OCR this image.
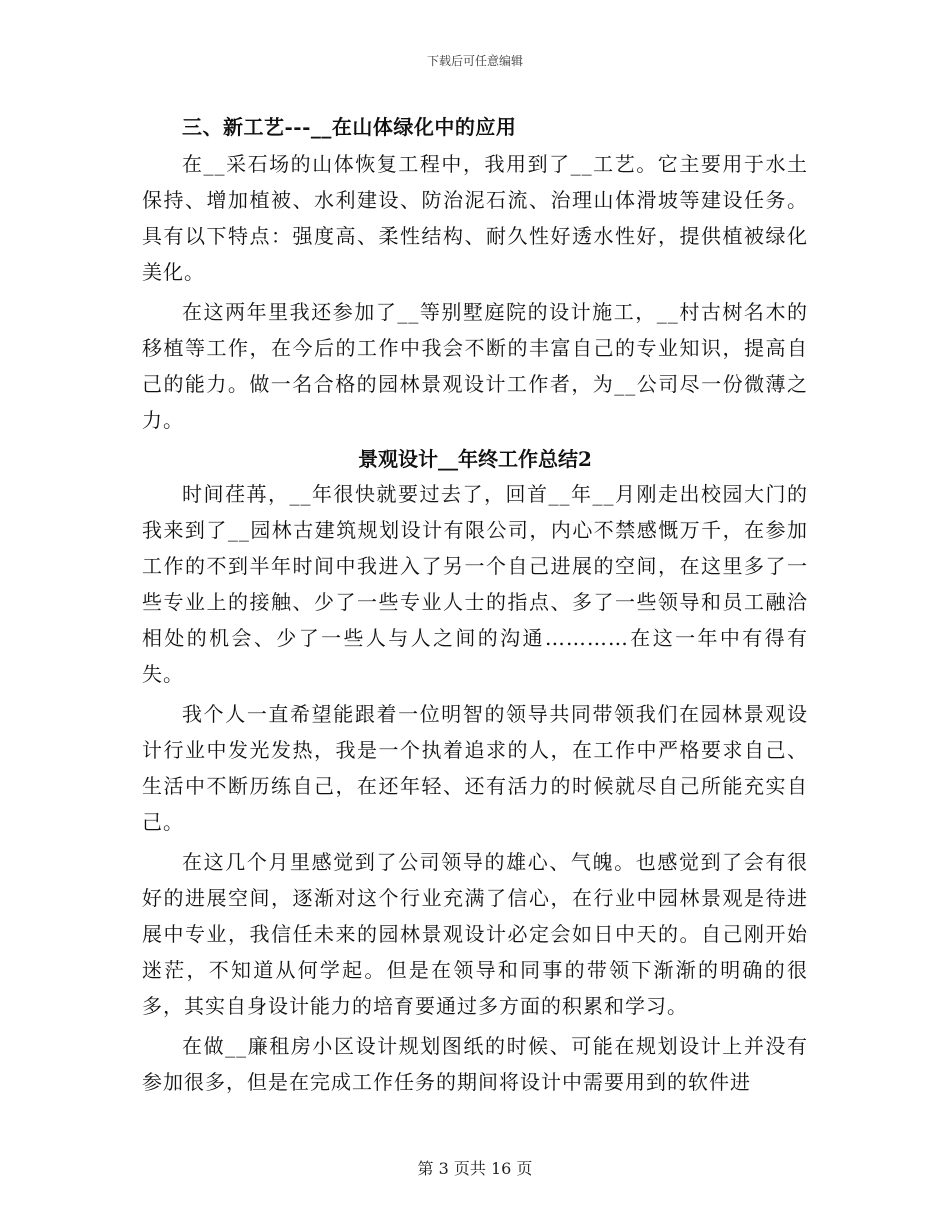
下载后可任意编辑
三、新工艺---__在山体绿化中的应用

在__采石场的山体恢复工程中，我用到了__工艺。它主要用于水土保持、增加植被、水利建设、防治泥石流、治理山体滑坡等建设任务。具有以下特点：强度高、柔性结构、耐久性好透水性好，提供植被绿化美化。

在这两年里我还参加了__等别墅庭院的设计施工，__村古树名木的移植等工作，在今后的工作中我会不断的丰富自己的专业知识，提高自己的能力。做一名合格的园林景观设计工作者，为__公司尽一份微薄之力。

景观设计__年终工作总结2

时间荏苒，__年很快就要过去了，回首__年__月刚走出校园大门的我来到了__园林古建筑规划设计有限公司，内心不禁感慨万千，在参加工作的不到半年时间中我进入了另一个自己进展的空间，在这里多了一些专业上的接触、少了一些专业人士的指点、多了一些领导和员工融洽相处的机会、少了一些人与人之间的沟通…………在这一年中有得有失。

我个人一直希望能跟着一位明智的领导共同带领我们在园林景观设计行业中发光发热，我是一个执着追求的人，在工作中严格要求自己、生活中不断历练自己，在还年轻、还有活力的时候就尽自己所能充实自己。

在这几个月里感觉到了公司领导的雄心、气魄。也感觉到了会有很好的进展空间，逐渐对这个行业充满了信心，在行业中园林景观是待进展中专业，我信任未来的园林景观设计必定会如日中天的。自己刚开始迷茫，不知道从何学起。但是在领导和同事的带领下渐渐的明确的很多，其实自身设计能力的培育要通过多方面的积累和学习。

在做__廉租房小区设计规划图纸的时候、可能在规划设计上并没有参加很多，但是在完成工作任务的期间将设计中需要用到的软件进

第 3 页共 16 页
